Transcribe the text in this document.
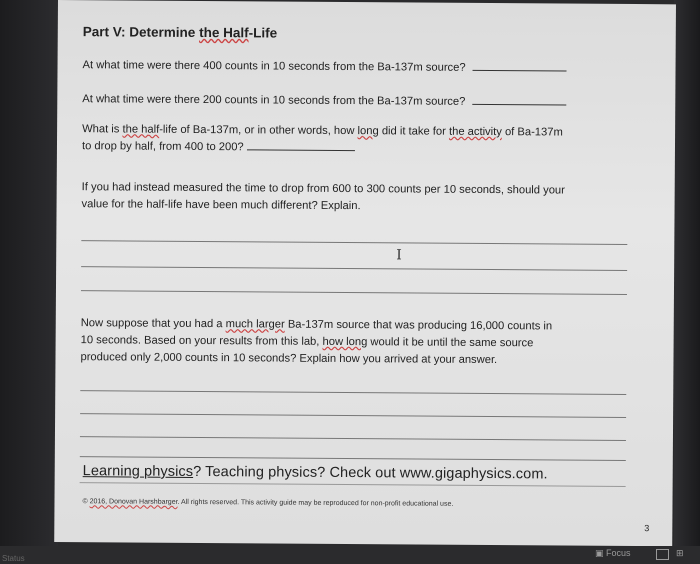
Part V: Determine the Half-Life
At what time were there 400 counts in 10 seconds from the Ba-137m source?
At what time were there 200 counts in 10 seconds from the Ba-137m source?
What is the half-life of Ba-137m, or in other words, how long did it take for the activity of Ba-137m
to drop by half, from 400 to 200?
If you had instead measured the time to drop from 600 to 300 counts per 10 seconds, should your
value for the half-life have been much different? Explain.
I
Now suppose that you had a much larger Ba-137m source that was producing 16,000 counts in
10 seconds. Based on your results from this lab, how long would it be until the same source
produced only 2,000 counts in 10 seconds? Explain how you arrived at your answer.
Learning physics? Teaching physics? Check out www.gigaphysics.com.
© 2016, Donovan Harshbarger. All rights reserved. This activity guide may be reproduced for non-profit educational use.
3
Status
▣ Focus	⊞
